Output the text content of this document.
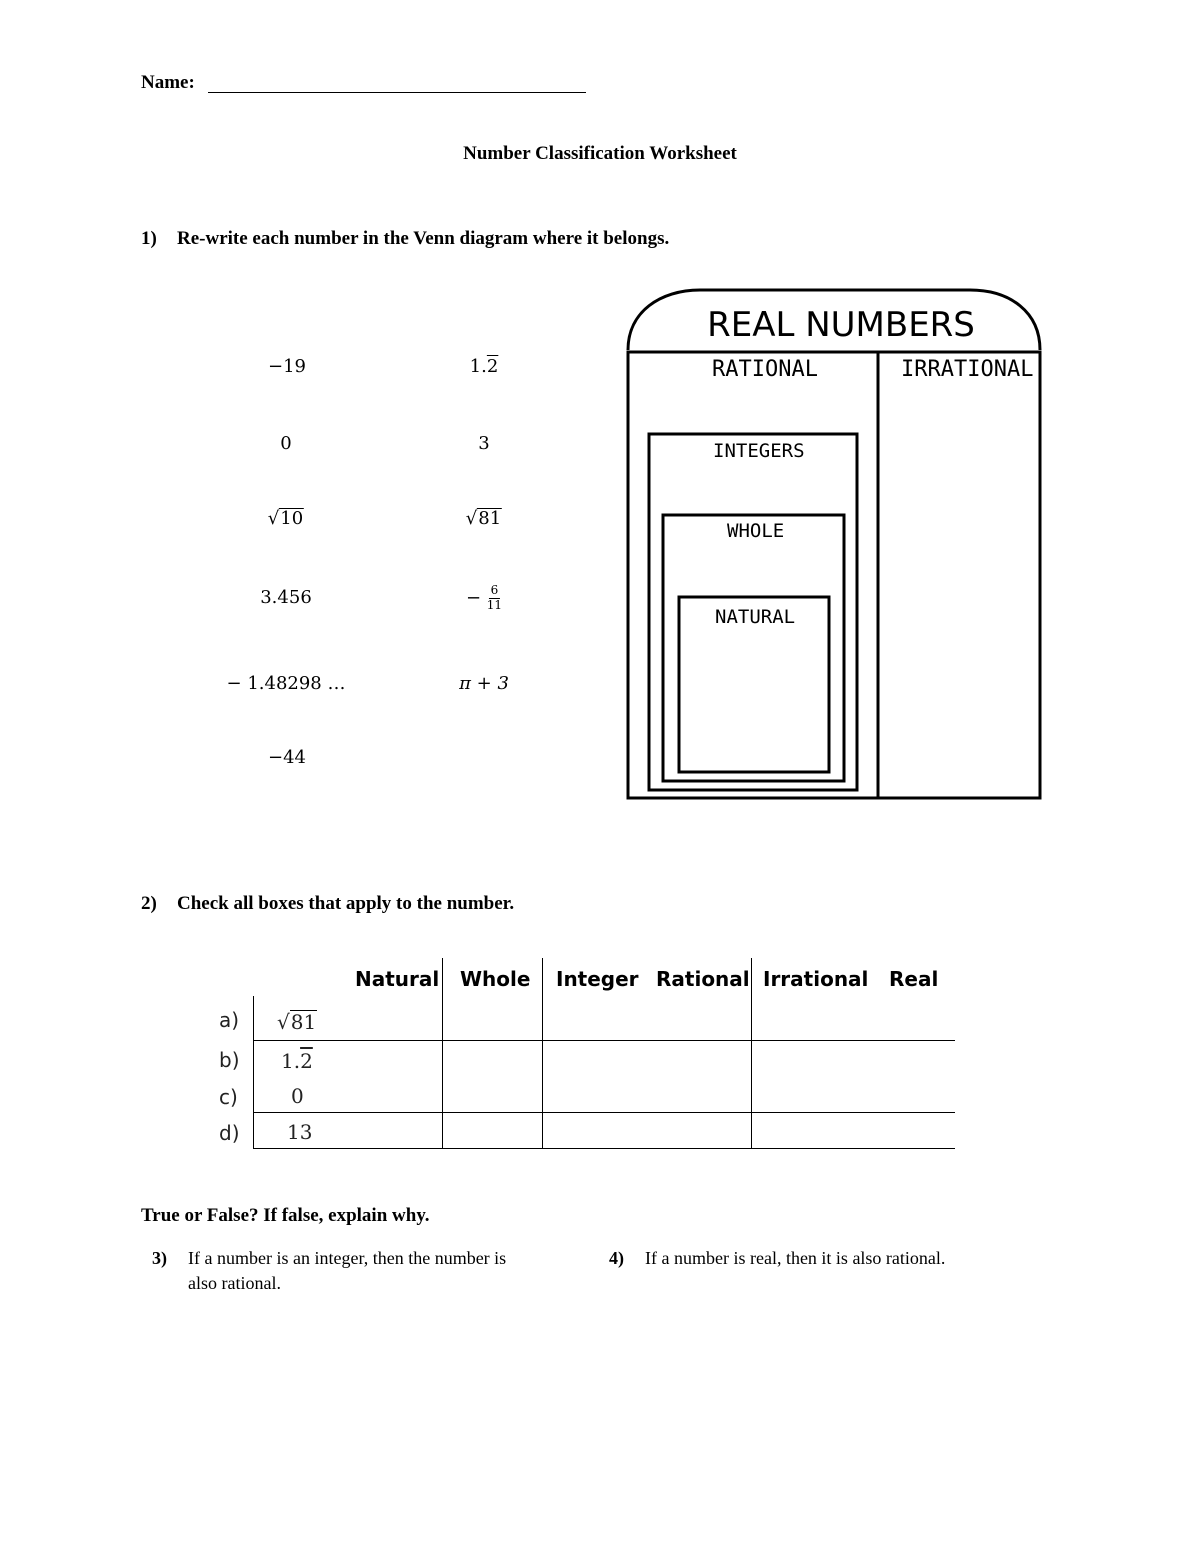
Name:
Number Classification Worksheet
1) Re-write each number in the Venn diagram where it belongs.
−19
0
√10
3.456
− 1.48298 …
−44
1.2
3
√81
− $\frac{6}{11}$
π + 3
REAL NUMBERS
RATIONAL	IRRATIONAL
INTEGERS
WHOLE
NATURAL
2) Check all boxes that apply to the number.
Natural Whole Integer Rational Irrational Real
a)
b)
c)
d)
√81
1.2
0
13
True or False? If false, explain why.
3) If a number is an integer, then the number is
also rational.
4) If a number is real, then it is also rational.
